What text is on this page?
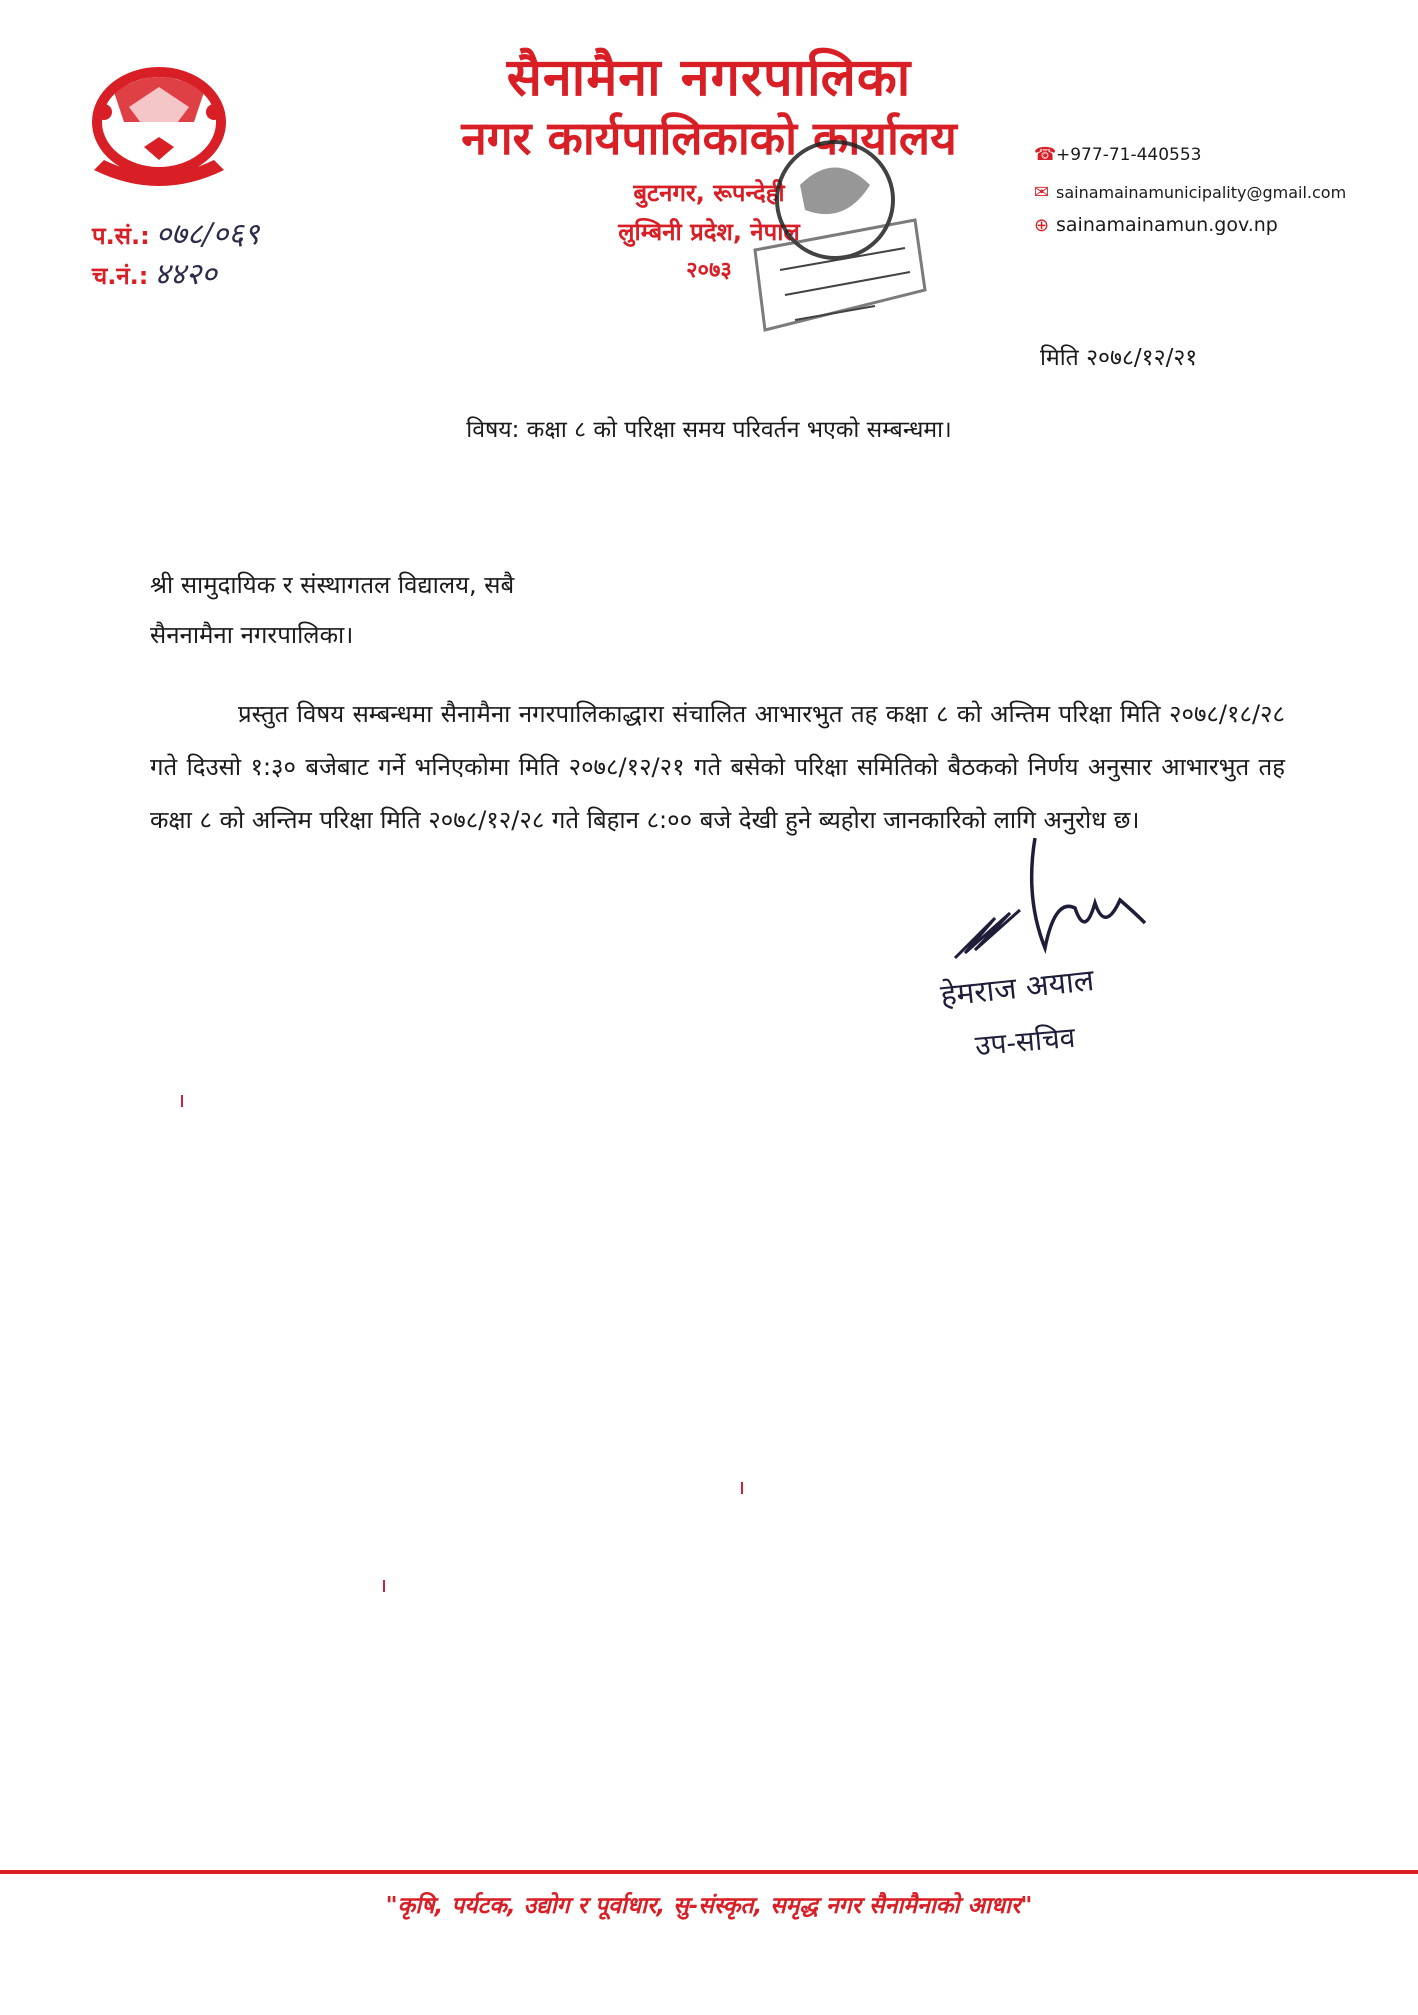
सैनामैना नगरपालिका
नगर कार्यपालिकाको कार्यालय
बुटनगर, रूपन्देही
लुम्बिनी प्रदेश, नेपाल
२०७३
☎+977-71-440553
✉ sainamainamunicipality@gmail.com
⊕ sainamainamun.gov.np
प.सं.: ०७८/०६९
च.नं.: ४४२०
मिति २०७८/१२/२१
विषय: कक्षा ८ को परिक्षा समय परिवर्तन भएको सम्बन्धमा।
श्री सामुदायिक र संस्थागतल विद्यालय, सबै
सैननामैना नगरपालिका।
प्रस्तुत विषय सम्बन्धमा सैनामैना नगरपालिकाद्धारा संचालित आभारभुत तह कक्षा ८ को अन्तिम परिक्षा मिति २०७८/१८/२८ गते दिउसो १:३० बजेबाट गर्ने भनिएकोमा मिति २०७८/१२/२१ गते बसेको परिक्षा समितिको बैठकको निर्णय अनुसार आभारभुत तह कक्षा ८ को अन्तिम परिक्षा मिति २०७८/१२/२८ गते बिहान ८:०० बजे देखी हुने ब्यहोरा जानकारिको लागि अनुरोध छ।
हेमराज अयाल
उप-सचिव
"कृषि, पर्यटक, उद्योग र पूर्वाधार, सु-संस्कृत, समृद्ध नगर सैनामैनाको आधार"
